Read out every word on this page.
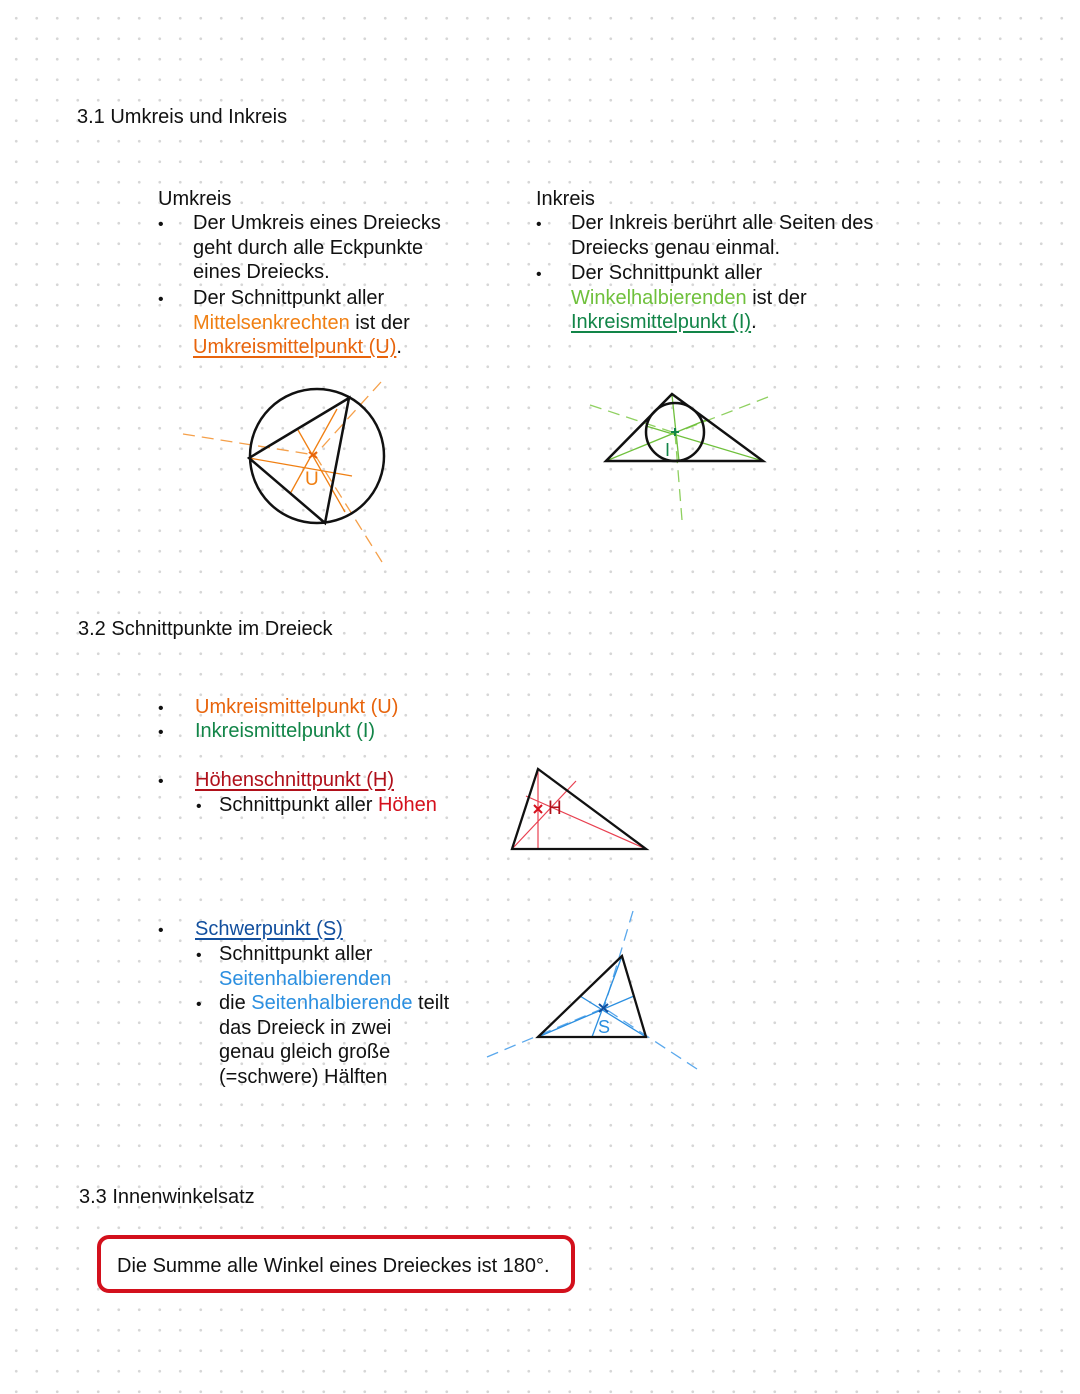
3.1 Umkreis und Inkreis
Umkreis
• Der Umkreis eines Dreiecks
geht durch alle Eckpunkte
eines Dreiecks.
• Der Schnittpunkt aller
Mittelsenkrechten ist der
Umkreismittelpunkt (U).
U
Inkreis
• Der Inkreis berührt alle Seiten des
Dreiecks genau einmal.
• Der Schnittpunkt aller
Winkelhalbierenden ist der
Inkreismittelpunkt (I).
I
3.2 Schnittpunkte im Dreieck
• Umkreismittelpunkt (U)
• Inkreismittelpunkt (I)
• Höhenschnittpunkt (H)
• Schnittpunkt aller Höhen	H
• Schwerpunkt (S)
• Schnittpunkt aller
Seitenhalbierenden
• die Seitenhalbierende teilt
das Dreieck in zwei
genau gleich große
(=schwere) Hälften
S
3.3 Innenwinkelsatz
Die Summe alle Winkel eines Dreieckes ist 180°.
